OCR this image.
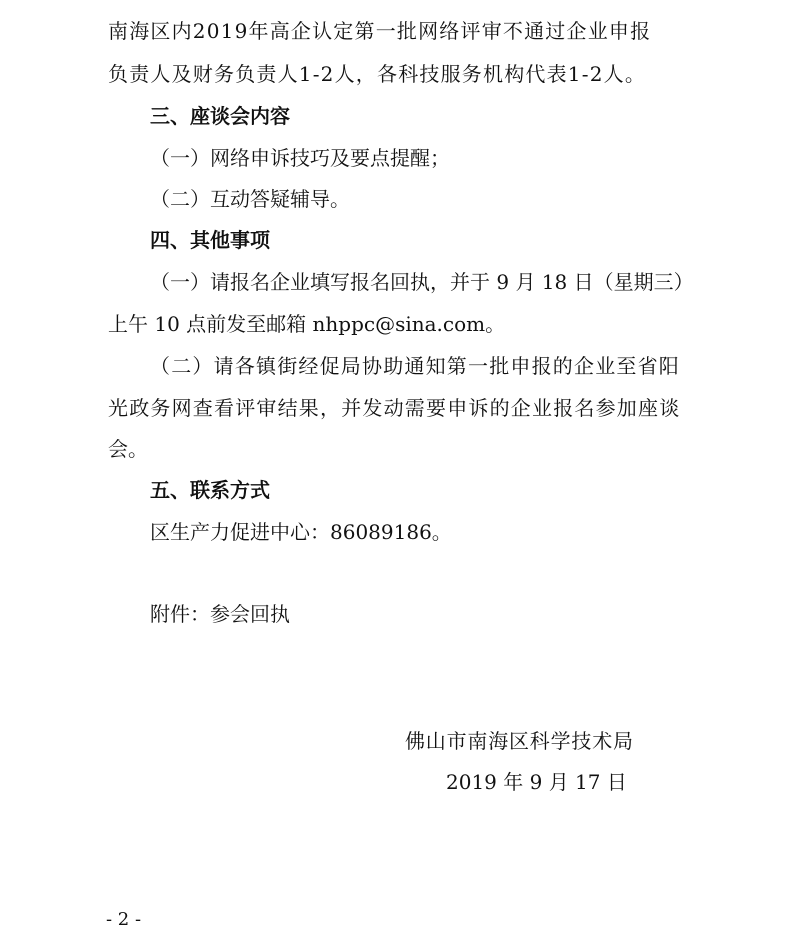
南海区内2019年高企认定第一批网络评审不通过企业申报
负责人及财务负责人1-2人，各科技服务机构代表1-2人。
三、座谈会内容
（一）网络申诉技巧及要点提醒；
（二）互动答疑辅导。
四、其他事项
（一）请报名企业填写报名回执，并于 9 月 18 日（星期三）
上午 10 点前发至邮箱 nhppc@sina.com。
（二）请各镇街经促局协助通知第一批申报的企业至省阳
光政务网查看评审结果，并发动需要申诉的企业报名参加座谈
会。
五、联系方式
区生产力促进中心：86089186。
附件：参会回执
佛山市南海区科学技术局
2019 年 9 月 17 日
- 2 -
